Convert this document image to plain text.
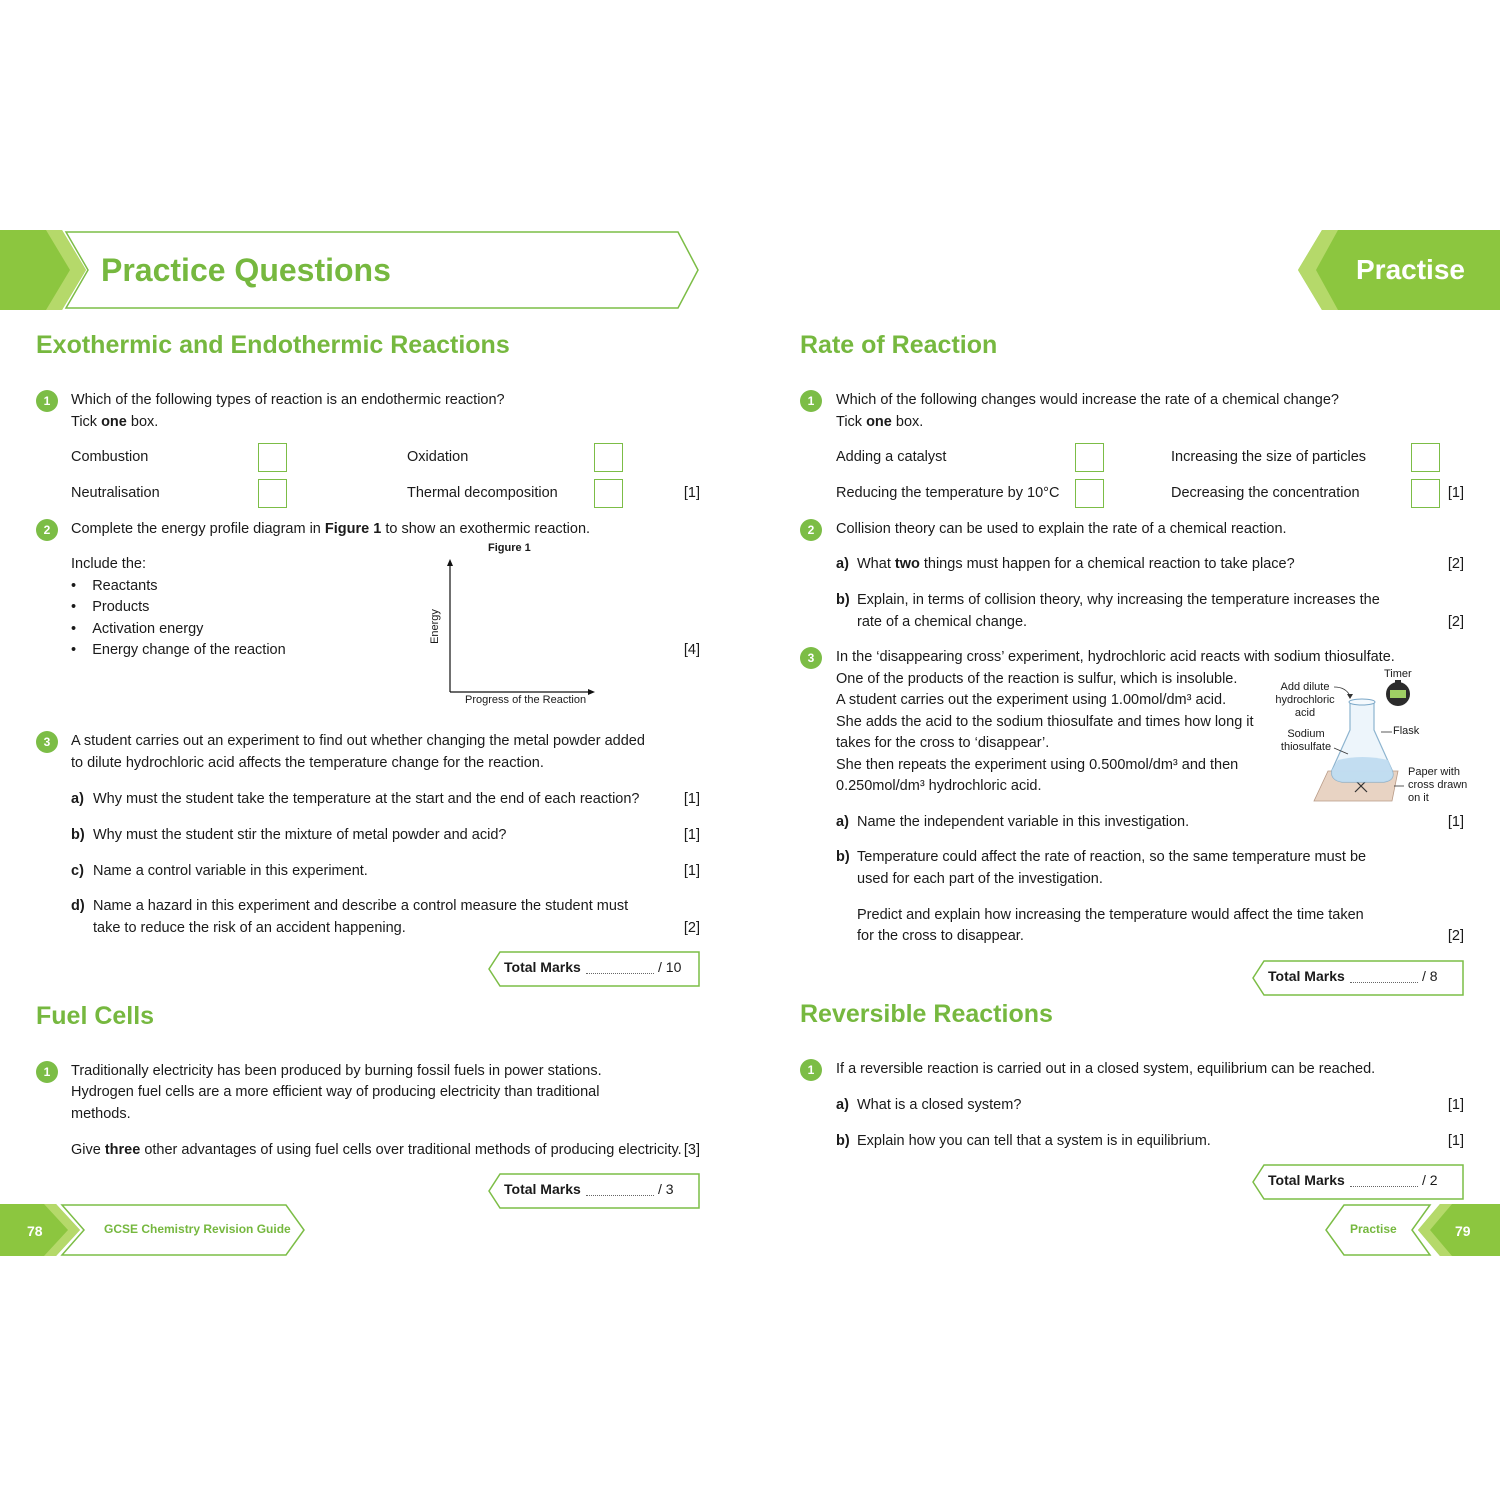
Practice Questions	Practise
Exothermic and Endothermic Reactions
1	Which of the following types of reaction is an endothermic reaction?
Tick one box.
Combustion	Oxidation
Neutralisation	Thermal decomposition	[1]
2	Complete the energy profile diagram in Figure 1 to show an exothermic reaction.
Include the:
•    Reactants
•    Products
•    Activation energy
•    Energy change of the reaction	[4]
Figure 1
Energy
Progress of the Reaction
3	A student carries out an experiment to find out whether changing the metal powder added
to dilute hydrochloric acid affects the temperature change for the reaction.
a) Why must the student take the temperature at the start and the end of each reaction?	[1]
b) Why must the student stir the mixture of metal powder and acid?	[1]
c) Name a control variable in this experiment.	[1]
d) Name a hazard in this experiment and describe a control measure the student must
take to reduce the risk of an accident happening.	[2]
Total Marks	/ 10
Fuel Cells
1	Traditionally electricity has been produced by burning fossil fuels in power stations.
Hydrogen fuel cells are a more efficient way of producing electricity than traditional
methods.
Give three other advantages of using fuel cells over traditional methods of producing electricity. [3]
Total Marks	/ 3
78	GCSE Chemistry Revision Guide
Rate of Reaction
1	Which of the following changes would increase the rate of a chemical change?
Tick one box.
Adding a catalyst	Increasing the size of particles
Reducing the temperature by 10°C	Decreasing the concentration	[1]
2	Collision theory can be used to explain the rate of a chemical reaction.
a) What two things must happen for a chemical reaction to take place?	[2]
b) Explain, in terms of collision theory, why increasing the temperature increases the
rate of a chemical change.	[2]
3	In the ‘disappearing cross’ experiment, hydrochloric acid reacts with sodium thiosulfate.
One of the products of the reaction is sulfur, which is insoluble.
A student carries out the experiment using 1.00mol/dm³ acid.
She adds the acid to the sodium thiosulfate and times how long it
takes for the cross to ‘disappear’.
She then repeats the experiment using 0.500mol/dm³ and then
0.250mol/dm³ hydrochloric acid.
Add dilute
hydrochloric
acid
Timer
Flask
Sodium
thiosulfate
Paper with
cross drawn
on it
a) Name the independent variable in this investigation.	[1]
b) Temperature could affect the rate of reaction, so the same temperature must be
used for each part of the investigation.
Predict and explain how increasing the temperature would affect the time taken
for the cross to disappear.	[2]
Total Marks	/ 8
Reversible Reactions
1	If a reversible reaction is carried out in a closed system, equilibrium can be reached.
a) What is a closed system?	[1]
b) Explain how you can tell that a system is in equilibrium.	[1]
Total Marks	/ 2
Practise	79
